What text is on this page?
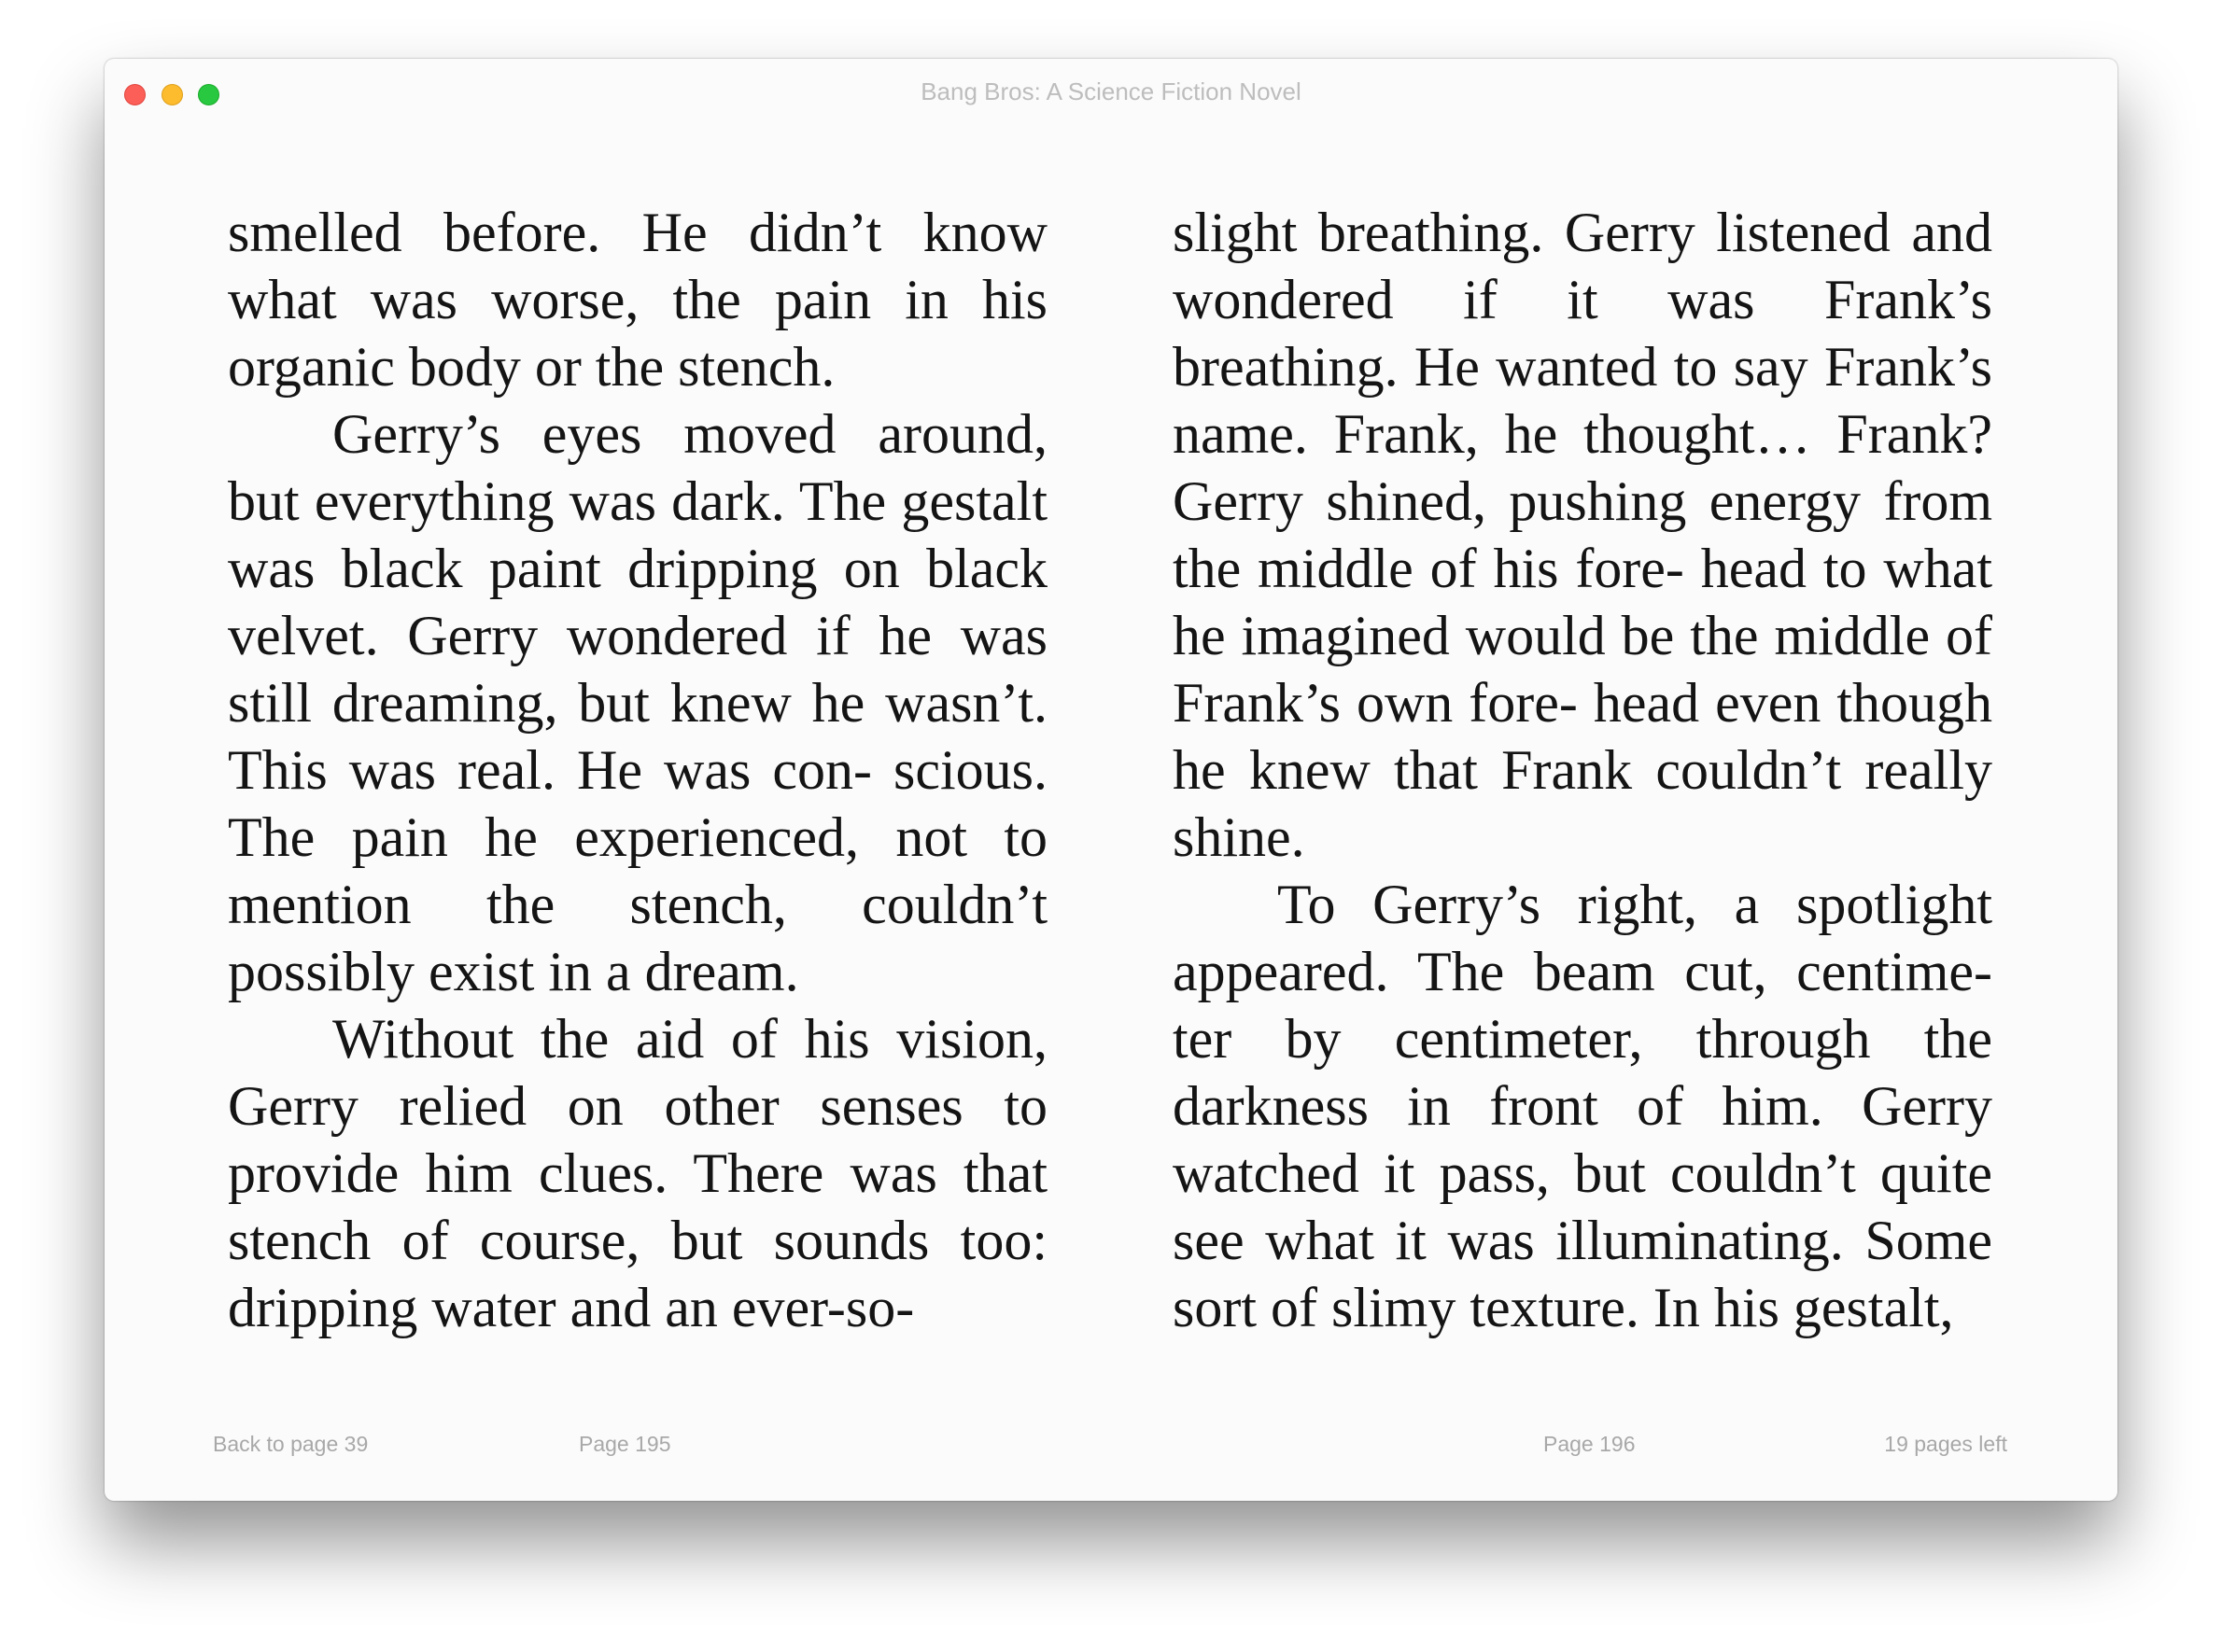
Bang Bros: A Science Fiction Novel

smelled before. He didn’t know what was worse, the pain in his organic body or the stench.

Gerry’s eyes moved around, but everything was dark. The gestalt was black paint dripping on black velvet. Gerry wondered if he was still dreaming, but knew he wasn’t. This was real. He was con- scious. The pain he experienced, not to mention the stench, couldn’t possibly exist in a dream.

Without the aid of his vision, Gerry relied on other senses to provide him clues. There was that stench of course, but sounds too: dripping water and an ever-so-

slight breathing. Gerry listened and wondered if it was Frank’s breathing. He wanted to say Frank’s name. Frank, he thought… Frank? Gerry shined, pushing energy from the middle of his fore- head to what he imagined would be the middle of Frank’s own fore- head even though he knew that Frank couldn’t really shine.

To Gerry’s right, a spotlight appeared. The beam cut, centime- ter by centimeter, through the darkness in front of him. Gerry watched it pass, but couldn’t quite see what it was illuminating. Some sort of slimy texture. In his gestalt,

Back to page 39	Page 195	Page 196	19 pages left
